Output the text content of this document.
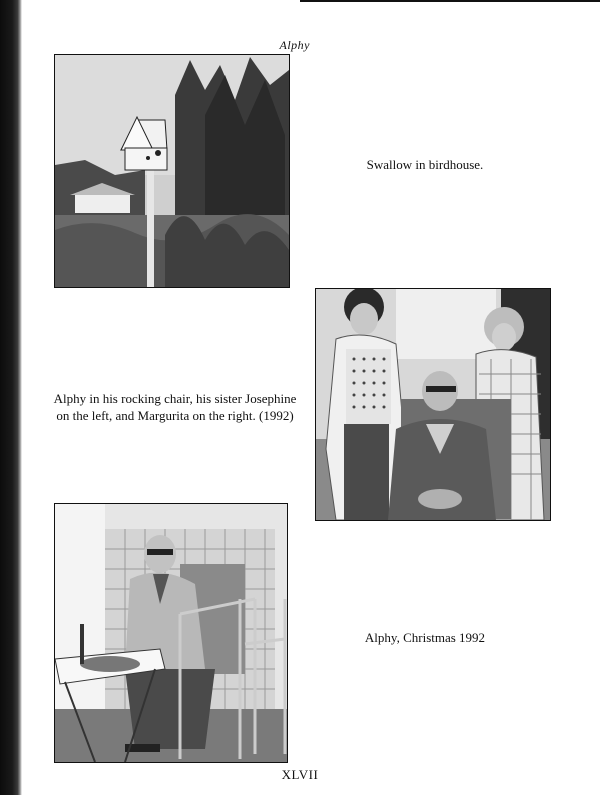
Alphy
Swallow in birdhouse.
Alphy in his rocking chair, his sister Josephine
on the left, and Margurita on the right. (1992)
Alphy, Christmas 1992
XLVII
